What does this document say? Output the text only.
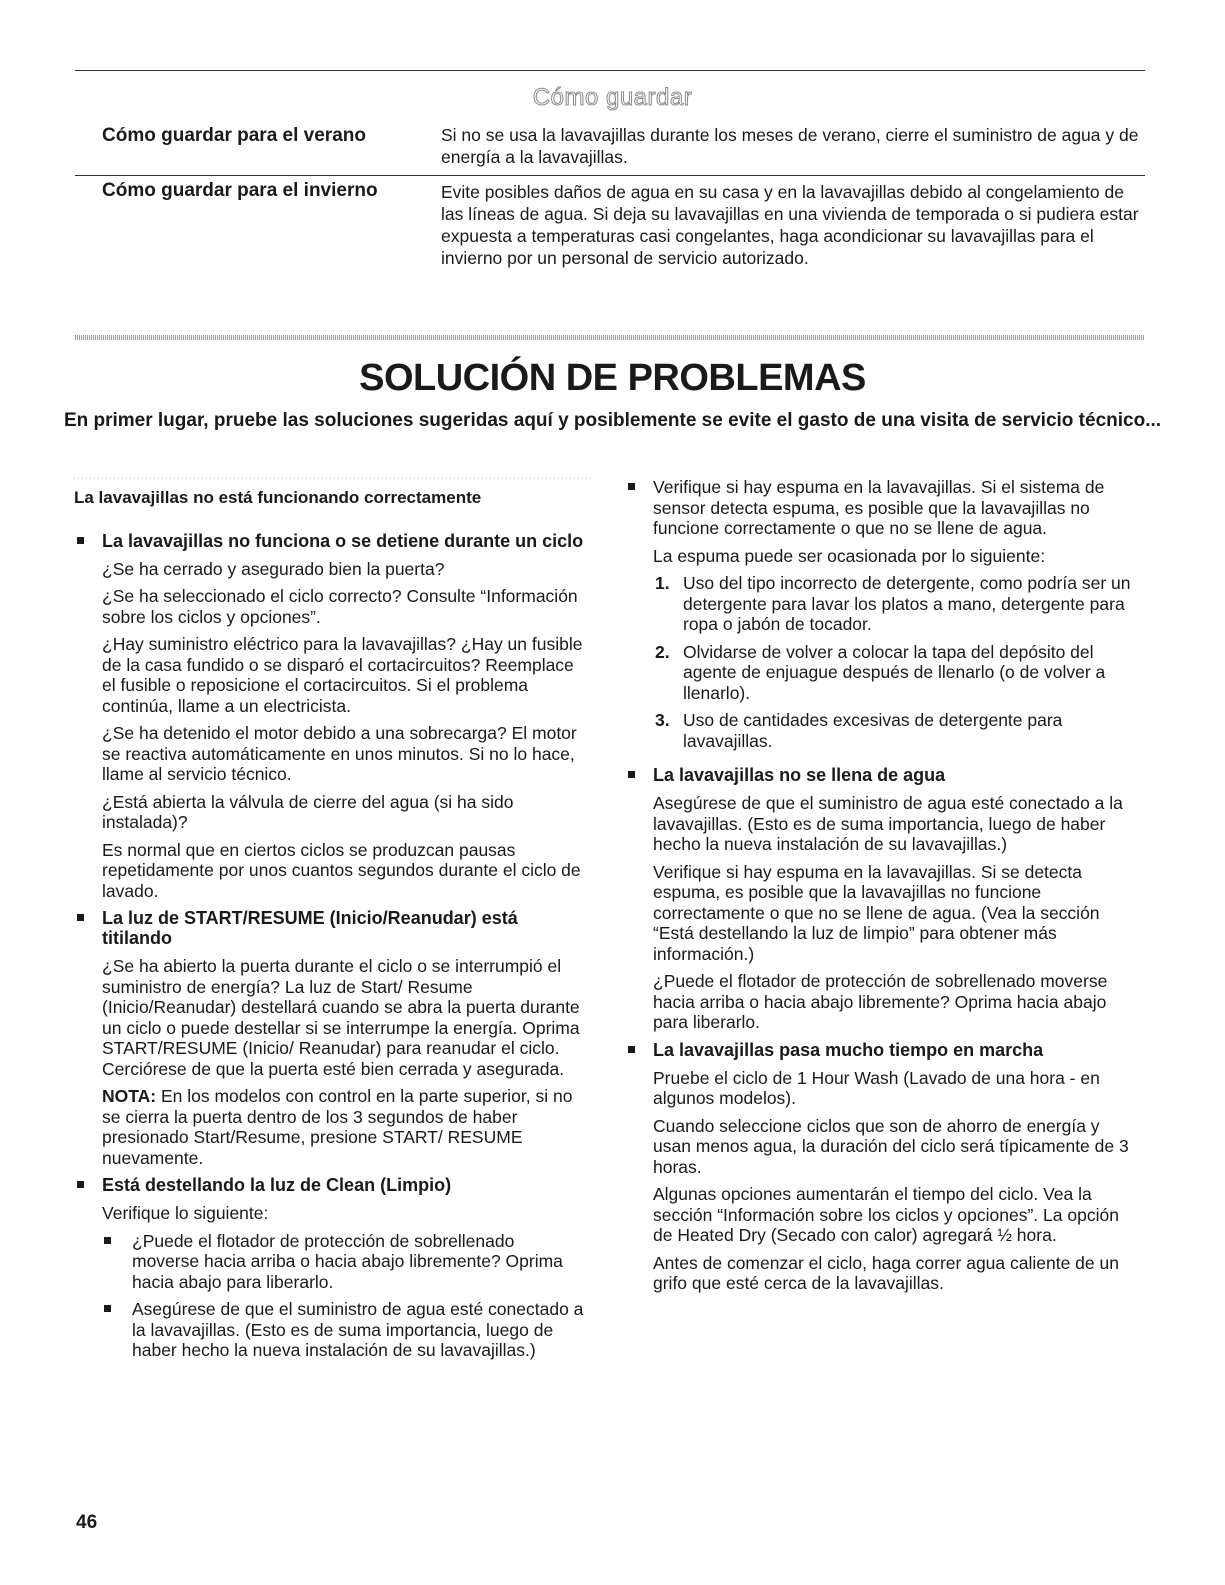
Cómo guardar
Cómo guardar para el verano	Si no se usa la lavavajillas durante los meses de verano, cierre el suministro de agua y de energía a la lavavajillas.
Cómo guardar para el invierno	Evite posibles daños de agua en su casa y en la lavavajillas debido al congelamiento de las líneas de agua. Si deja su lavavajillas en una vivienda de temporada o si pudiera estar expuesta a temperaturas casi congelantes, haga acondicionar su lavavajillas para el invierno por un personal de servicio autorizado.
SOLUCIÓN DE PROBLEMAS
En primer lugar, pruebe las soluciones sugeridas aquí y posiblemente se evite el gasto de una visita de servicio técnico...
La lavavajillas no está funcionando correctamente
La lavavajillas no funciona o se detiene durante un ciclo

¿Se ha cerrado y asegurado bien la puerta?

¿Se ha seleccionado el ciclo correcto? Consulte “Información sobre los ciclos y opciones”.

¿Hay suministro eléctrico para la lavavajillas? ¿Hay un fusible de la casa fundido o se disparó el cortacircuitos? Reemplace el fusible o reposicione el cortacircuitos. Si el problema continúa, llame a un electricista.

¿Se ha detenido el motor debido a una sobrecarga? El motor se reactiva automáticamente en unos minutos. Si no lo hace, llame al servicio técnico.

¿Está abierta la válvula de cierre del agua (si ha sido instalada)?

Es normal que en ciertos ciclos se produzcan pausas repetidamente por unos cuantos segundos durante el ciclo de lavado.

La luz de START/RESUME (Inicio/Reanudar) está titilando

¿Se ha abierto la puerta durante el ciclo o se interrumpió el suministro de energía? La luz de Start/ Resume (Inicio/Reanudar) destellará cuando se abra la puerta durante un ciclo o puede destellar si se interrumpe la energía. Oprima START/RESUME (Inicio/ Reanudar) para reanudar el ciclo. Cerciórese de que la puerta esté bien cerrada y asegurada.

NOTA: En los modelos con control en la parte superior, si no se cierra la puerta dentro de los 3 segundos de haber presionado Start/Resume, presione START/ RESUME nuevamente.

Está destellando la luz de Clean (Limpio)

Verifique lo siguiente:

¿Puede el flotador de protección de sobrellenado moverse hacia arriba o hacia abajo libremente? Oprima hacia abajo para liberarlo.

Asegúrese de que el suministro de agua esté conectado a la lavavajillas. (Esto es de suma importancia, luego de haber hecho la nueva instalación de su lavavajillas.)

Verifique si hay espuma en la lavavajillas. Si el sistema de sensor detecta espuma, es posible que la lavavajillas no funcione correctamente o que no se llene de agua.

La espuma puede ser ocasionada por lo siguiente:

1. Uso del tipo incorrecto de detergente, como podría ser un detergente para lavar los platos a mano, detergente para ropa o jabón de tocador.

2. Olvidarse de volver a colocar la tapa del depósito del agente de enjuague después de llenarlo (o de volver a llenarlo).

3. Uso de cantidades excesivas de detergente para lavavajillas.

La lavavajillas no se llena de agua

Asegúrese de que el suministro de agua esté conectado a la lavavajillas. (Esto es de suma importancia, luego de haber hecho la nueva instalación de su lavavajillas.)

Verifique si hay espuma en la lavavajillas. Si se detecta espuma, es posible que la lavavajillas no funcione correctamente o que no se llene de agua. (Vea la sección “Está destellando la luz de limpio” para obtener más información.)

¿Puede el flotador de protección de sobrellenado moverse hacia arriba o hacia abajo libremente? Oprima hacia abajo para liberarlo.

La lavavajillas pasa mucho tiempo en marcha

Pruebe el ciclo de 1 Hour Wash (Lavado de una hora - en algunos modelos).

Cuando seleccione ciclos que son de ahorro de energía y usan menos agua, la duración del ciclo será típicamente de 3 horas.

Algunas opciones aumentarán el tiempo del ciclo. Vea la sección “Información sobre los ciclos y opciones”. La opción de Heated Dry (Secado con calor) agregará ½ hora.

Antes de comenzar el ciclo, haga correr agua caliente de un grifo que esté cerca de la lavavajillas.

46
